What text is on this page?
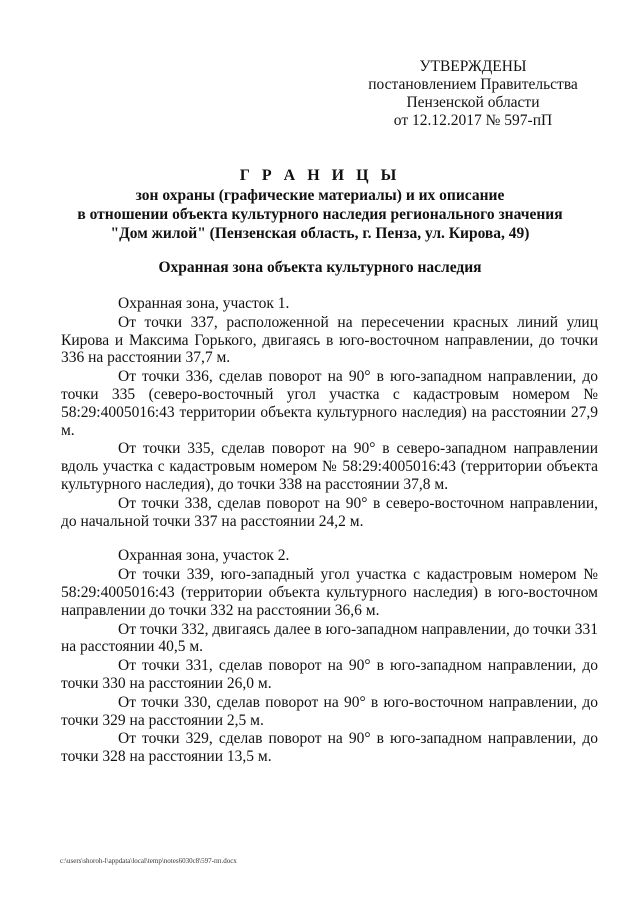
УТВЕРЖДЕНЫ
постановлением Правительства
Пензенской области
от 12.12.2017 № 597-пП
Г Р А Н И Ц Ы
зон охраны (графические материалы) и их описание
в отношении объекта культурного наследия регионального значения
"Дом жилой" (Пензенская область, г. Пенза, ул. Кирова, 49)
Охранная зона объекта культурного наследия

Охранная зона, участок 1.

От точки 337, расположенной на пересечении красных линий улиц Кирова и Максима Горького, двигаясь в юго-восточном направлении, до точки 336 на расстоянии 37,7 м.

От точки 336, сделав поворот на 90° в юго-западном направлении, до точки 335 (северо-восточный угол участка с кадастровым номером № 58:29:4005016:43 территории объекта культурного наследия) на расстоянии 27,9 м.

От точки 335, сделав поворот на 90° в северо-западном направлении вдоль участка с кадастровым номером № 58:29:4005016:43 (территории объекта культурного наследия), до точки 338 на расстоянии 37,8 м.

От точки 338, сделав поворот на 90° в северо-восточном направлении, до начальной точки 337 на расстоянии 24,2 м.

Охранная зона, участок 2.

От точки 339, юго-западный угол участка с кадастровым номером № 58:29:4005016:43 (территории объекта культурного наследия) в юго-восточном направлении до точки 332 на расстоянии 36,6 м.

От точки 332, двигаясь далее в юго-западном направлении, до точки 331 на расстоянии 40,5 м.

От точки 331, сделав поворот на 90° в юго-западном направлении, до точки 330 на расстоянии 26,0 м.

От точки 330, сделав поворот на 90° в юго-восточном направлении, до точки 329 на расстоянии 2,5 м.

От точки 329, сделав поворот на 90° в юго-западном направлении, до точки 328 на расстоянии 13,5 м.

c:\users\shoroh-l\appdata\local\temp\notes6030c8\597-пп.docx
